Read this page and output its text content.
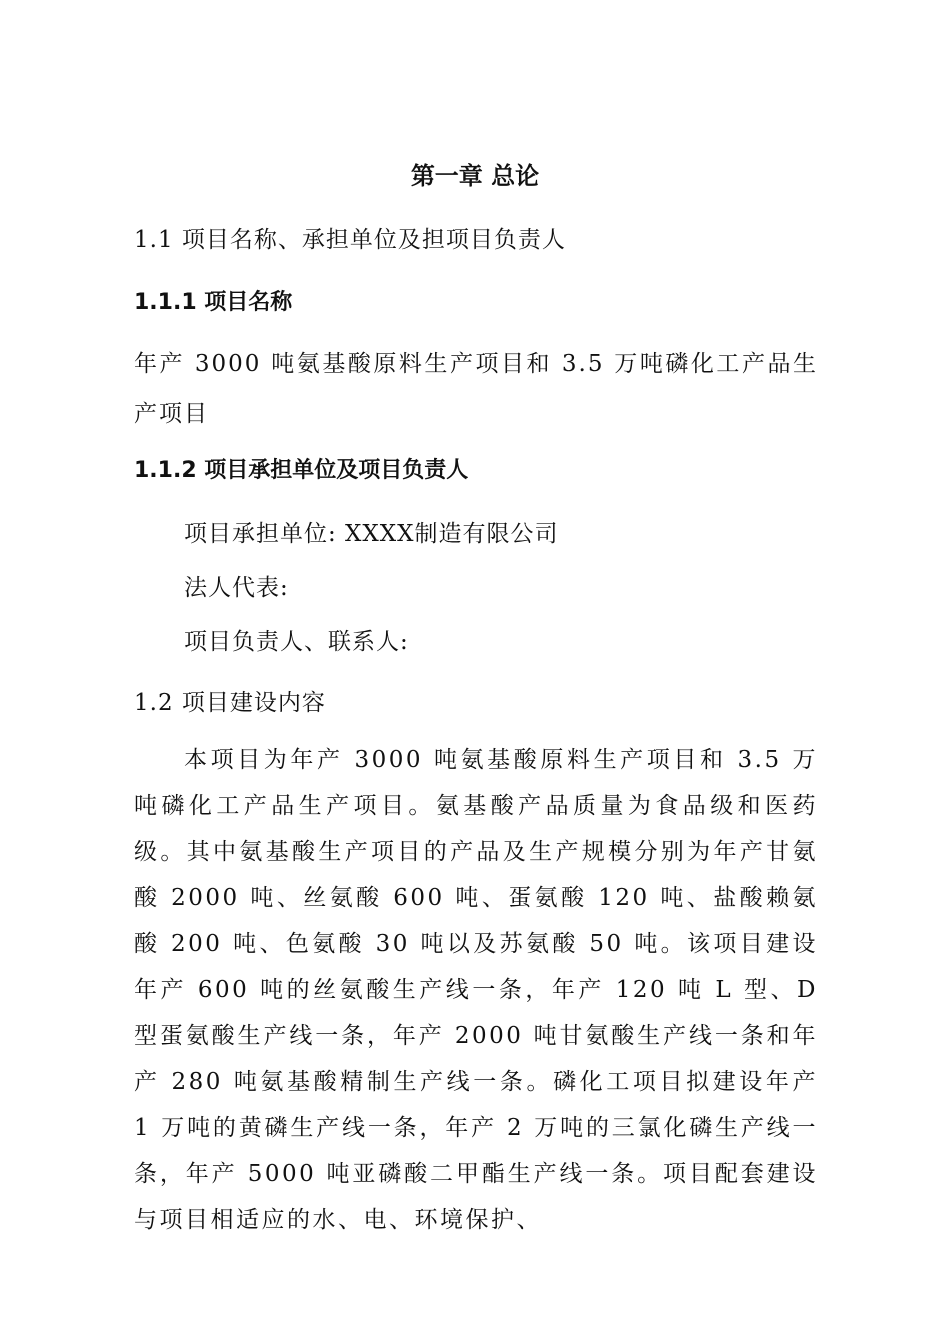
第一章 总论
1.1 项目名称、承担单位及担项目负责人
1.1.1 项目名称
年产 3000 吨氨基酸原料生产项目和 3.5 万吨磷化工产品生产项目
1.1.2 项目承担单位及项目负责人
项目承担单位: XXXX制造有限公司
法人代表:
项目负责人、联系人:
1.2 项目建设内容
本项目为年产 3000 吨氨基酸原料生产项目和 3.5 万吨磷化工产品生产项目。氨基酸产品质量为食品级和医药级。其中氨基酸生产项目的产品及生产规模分别为年产甘氨酸 2000 吨、丝氨酸 600 吨、蛋氨酸 120 吨、盐酸赖氨酸 200 吨、色氨酸 30 吨以及苏氨酸 50 吨。该项目建设年产 600 吨的丝氨酸生产线一条，年产 120 吨 L 型、D 型蛋氨酸生产线一条，年产 2000 吨甘氨酸生产线一条和年产 280 吨氨基酸精制生产线一条。磷化工项目拟建设年产 1 万吨的黄磷生产线一条，年产 2 万吨的三氯化磷生产线一条，年产 5000 吨亚磷酸二甲酯生产线一条。项目配套建设与项目相适应的水、电、环境保护、
